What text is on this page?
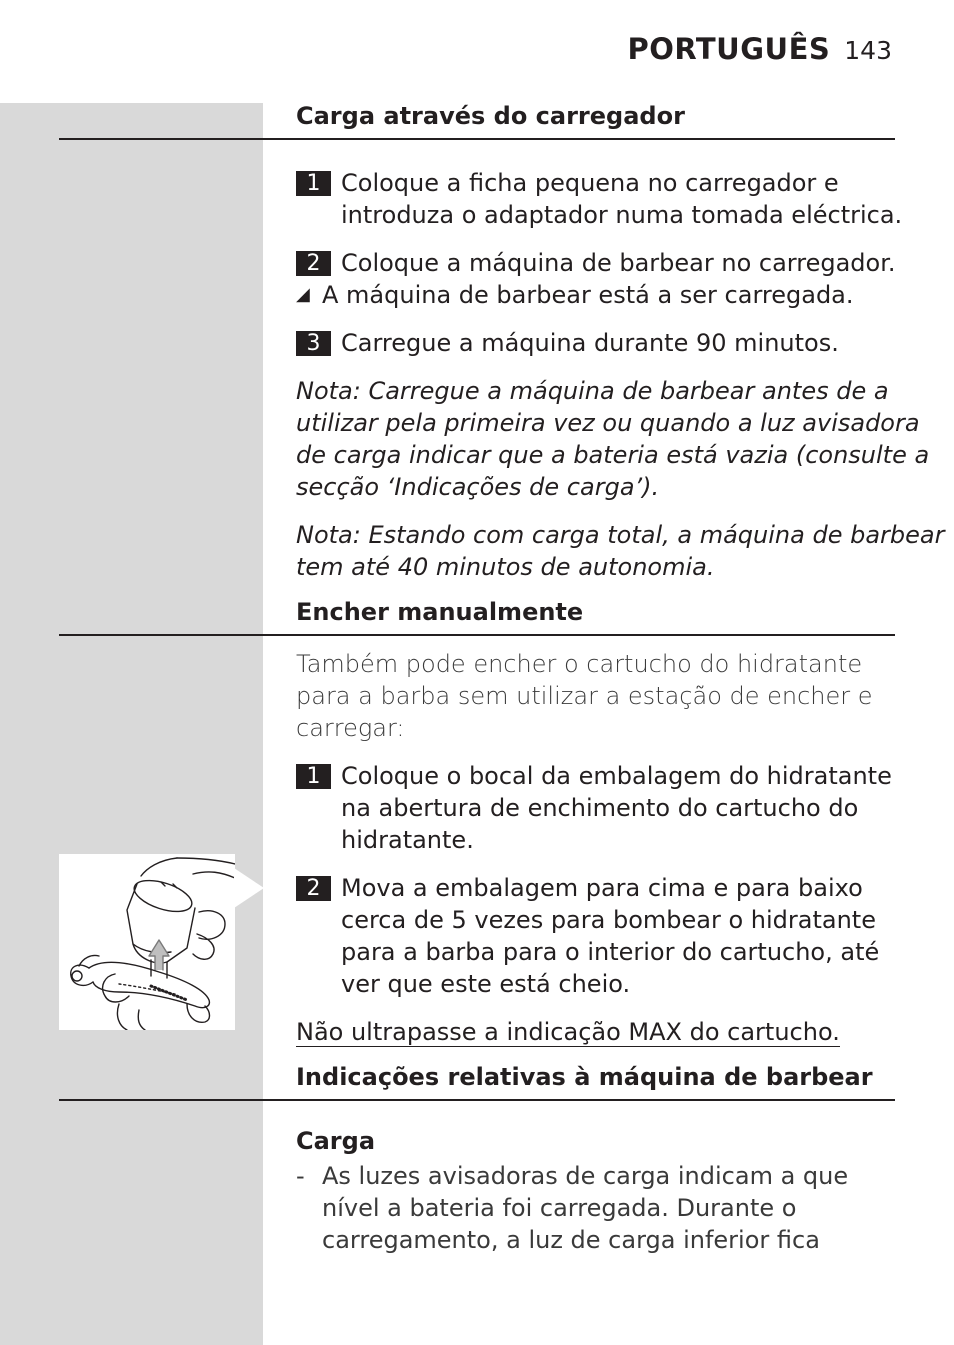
PORTUGUÊS 143
Carga através do carregador
1 Coloque a ficha pequena no carregador e
introduza o adaptador numa tomada eléctrica.
2 Coloque a máquina de barbear no carregador.
◢ A máquina de barbear está a ser carregada.
3 Carregue a máquina durante 90 minutos.
Nota: Carregue a máquina de barbear antes de a
utilizar pela primeira vez ou quando a luz avisadora
de carga indicar que a bateria está vazia (consulte a
secção ‘Indicações de carga’).
Nota: Estando com carga total, a máquina de barbear
tem até 40 minutos de autonomia.
Encher manualmente
Também pode encher o cartucho do hidratante
para a barba sem utilizar a estação de encher e
carregar:
1 Coloque o bocal da embalagem do hidratante
na abertura de enchimento do cartucho do
hidratante.
2 Mova a embalagem para cima e para baixo
cerca de 5 vezes para bombear o hidratante
para a barba para o interior do cartucho, até
ver que este está cheio.
Não ultrapasse a indicação MAX do cartucho.
Indicações relativas à máquina de barbear
Carga
- As luzes avisadoras de carga indicam a que
nível a bateria foi carregada. Durante o
carregamento, a luz de carga inferior fica
